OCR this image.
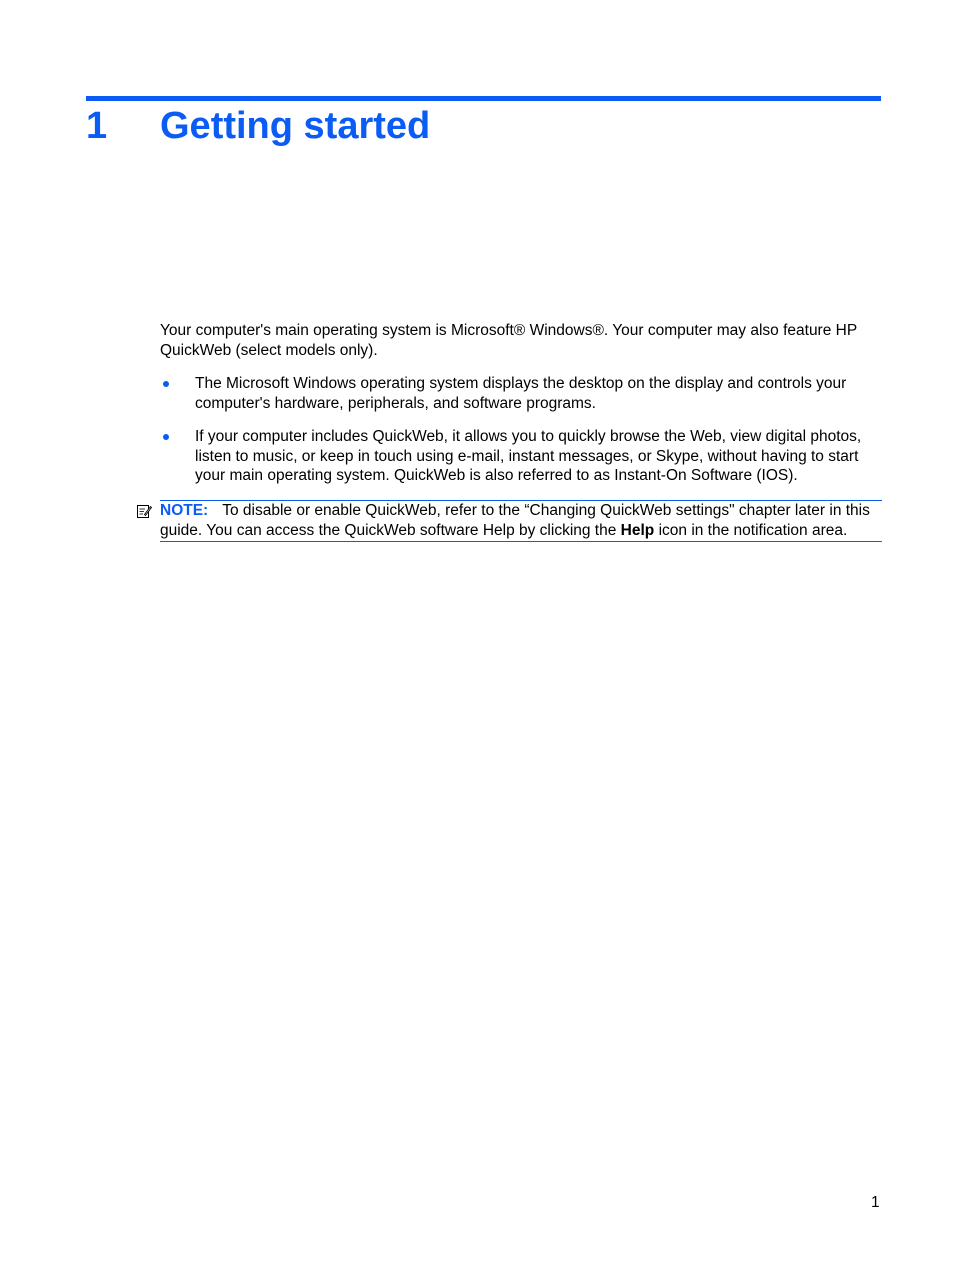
1 Getting started

Your computer's main operating system is Microsoft® Windows®. Your computer may also feature HP QuickWeb (select models only).

The Microsoft Windows operating system displays the desktop on the display and controls your computer's hardware, peripherals, and software programs.
If your computer includes QuickWeb, it allows you to quickly browse the Web, view digital photos, listen to music, or keep in touch using e-mail, instant messages, or Skype, without having to start your main operating system. QuickWeb is also referred to as Instant-On Software (IOS).
NOTE: To disable or enable QuickWeb, refer to the “Changing QuickWeb settings" chapter later in this guide. You can access the QuickWeb software Help by clicking the Help icon in the notification area.
1
